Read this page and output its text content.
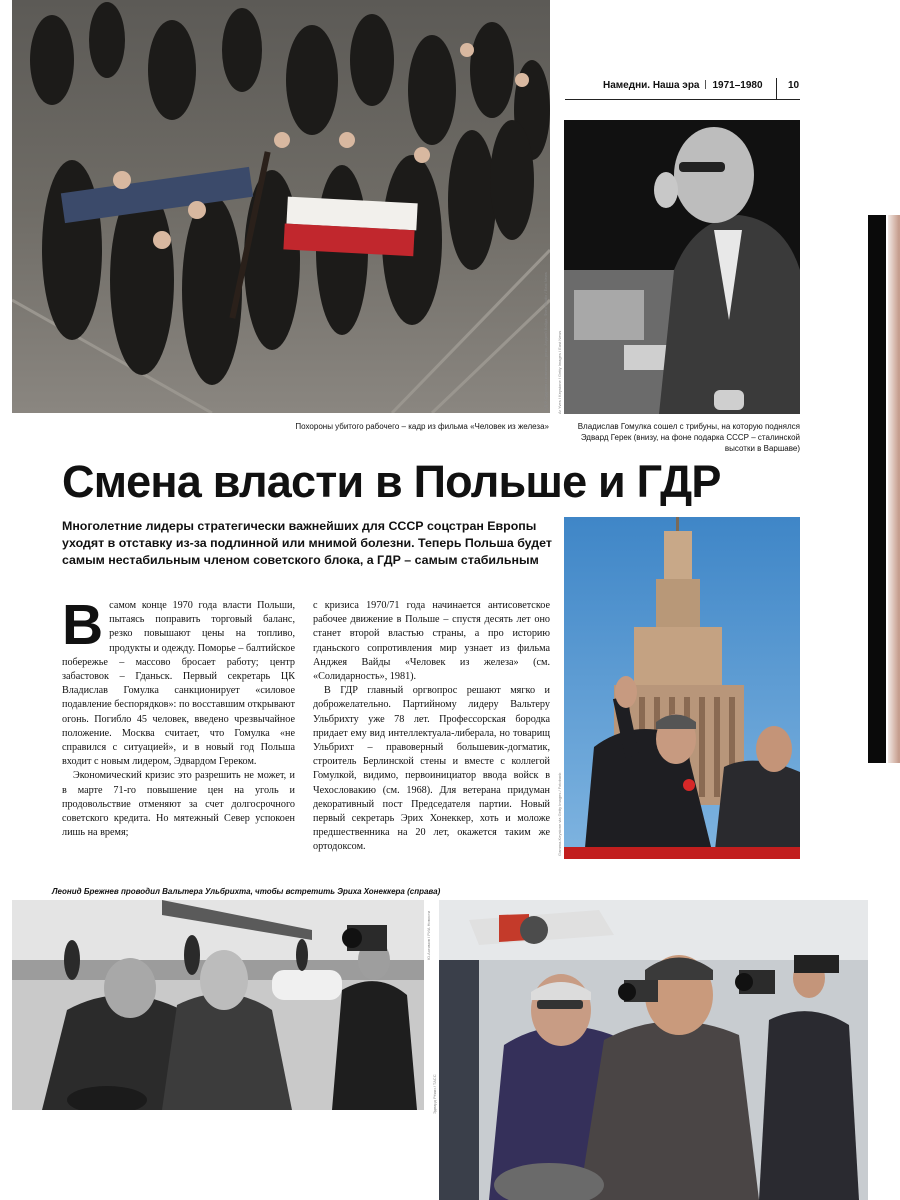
Намедни. Наша эра 1971–1980	10
«Д.Ф.Сдурина и компания», режс. Анджей Вайда. Фото Studio / East News
Похороны убитого рабочего – кадр из фильма «Человек из железа»
Ar Yves / Keystone / Getty Images / East News
Владислав Гомулка сошел с трибуны, на которую поднялся Эдвард Герек (внизу, на фоне подарка СССР – сталинской высотки в Варшаве)
Смена власти в Польше и ГДР
Многолетние лидеры стратегически важнейших для СССР соцстран Европы уходят в отставку из-за подлинной или мнимой болезни. Теперь Польша будет самым нестабильным членом советского блока, а ГДР – самым стабильным
Gamma-Keystone via Getty Images / Fotobank

Всамом конце 1970 года власти Польши, пытаясь поправить торговый баланс, резко повышают цены на топливо, продукты и одежду. Поморье – балтийское побережье – массово бросает работу; центр забастовок – Гданьск. Первый секретарь ЦК Владислав Гомулка санкционирует «силовое подавление беспорядков»: по восставшим открывают огонь. Погибло 45 человек, введено чрезвычайное положение. Москва считает, что Гомулка «не справился с ситуацией», и в новый год Польша входит с новым лидером, Эдвардом Гереком.

Экономический кризис это разрешить не может, и в марте 71-го повышение цен на уголь и продовольствие отменяют за счет долгосрочного советского кредита. Но мятежный Север успокоен лишь на время;

с кризиса 1970/71 года начинается антисоветское рабочее движение в Польше – спустя десять лет оно станет второй властью страны, а про историю гданьского сопротивления мир узнает из фильма Анджея Вайды «Человек из железа» (см. «Солидарность», 1981).

В ГДР главный оргвопрос решают мягко и доброжелательно. Партийному лидеру Вальтеру Ульбрихту уже 78 лет. Профессорская бородка придает ему вид интеллектуала-либерала, но товарищ Ульбрихт – правоверный большевик-догматик, строитель Берлинской стены и вместе с коллегой Гомулкой, видимо, первоинициатор ввода войск в Чехословакию (см. 1968). Для ветерана придуман декоративный пост Председателя партии. Новый первый секретарь Эрих Хонеккер, хоть и моложе предшественника на 20 лет, окажется таким же ортодоксом.

Леонид Брежнев проводил Вальтера Ульбрихта, чтобы встретить Эриха Хонеккера (справа)
Ю.Ахтимов / РИА Новости
Эдвард Рёкки / ТАСС
